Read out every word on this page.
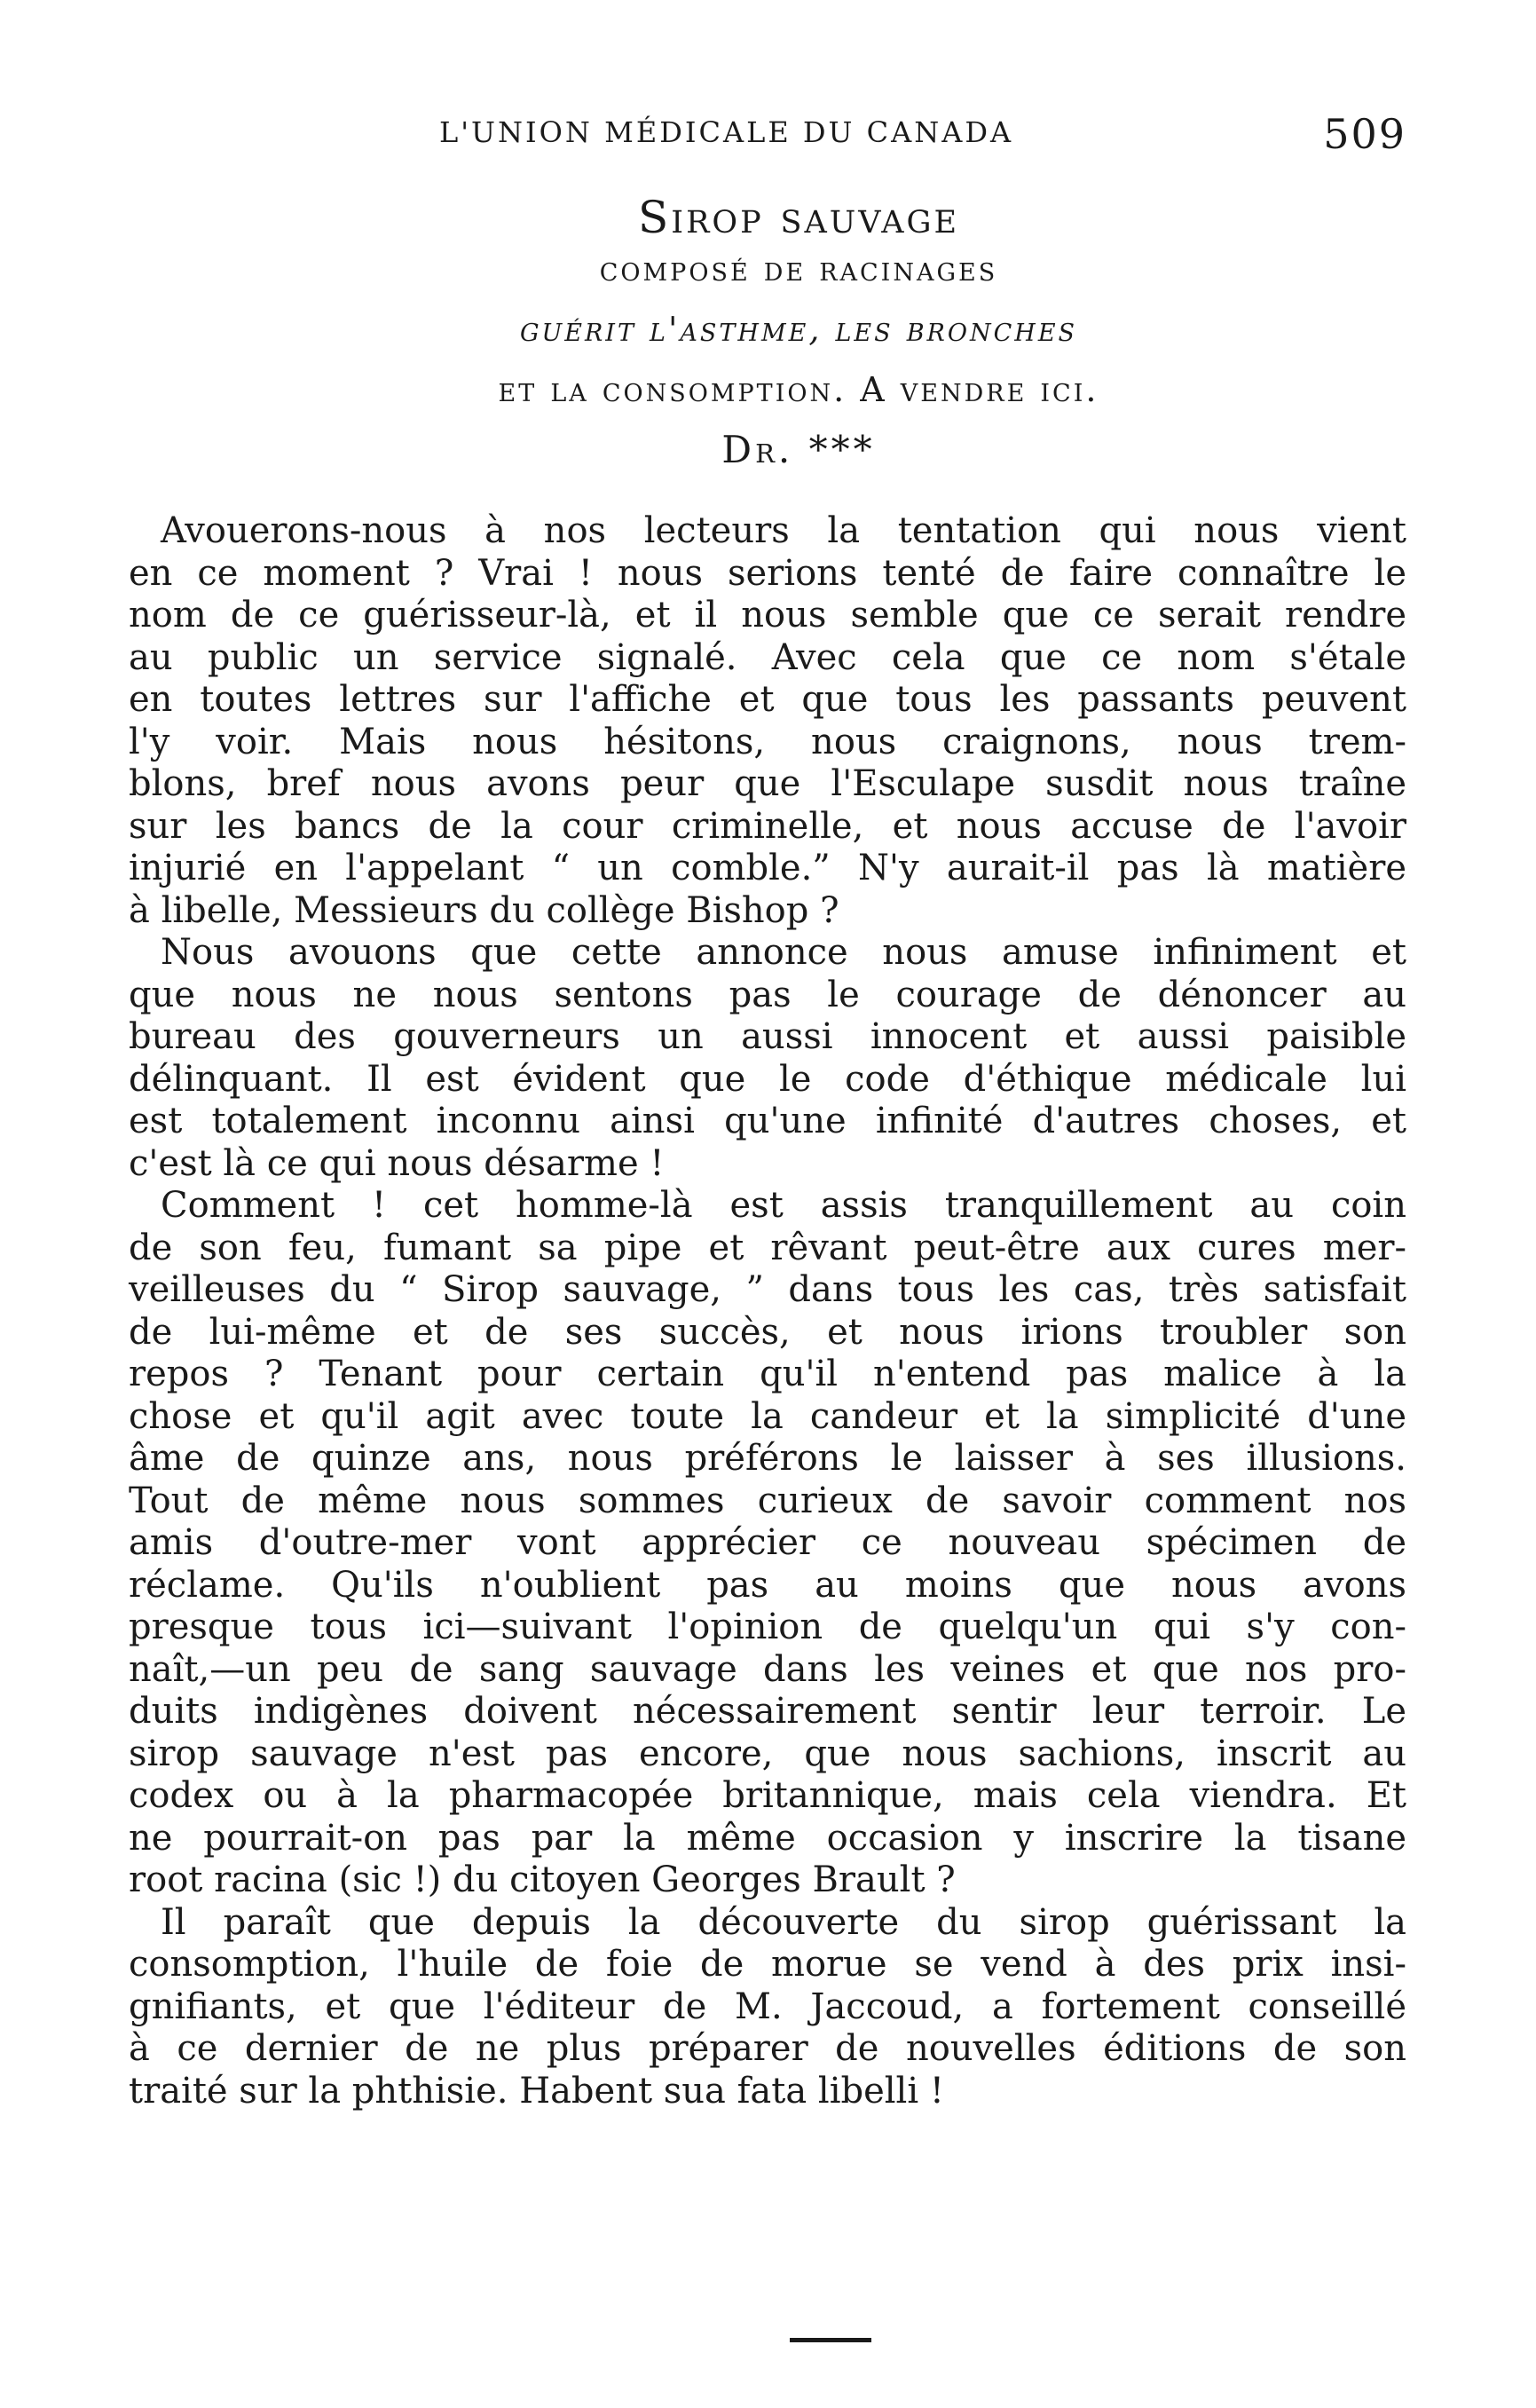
L'UNION MÉDICALE DU CANADA	509
Sirop sauvage
composé de racinages
guérit l'asthme, les bronches
et la consomption. A vendre ici.
Dr. ***
Avouerons-nous à nos lecteurs la tentation qui nous vient
en ce moment ? Vrai ! nous serions tenté de faire connaître le
nom de ce guérisseur-là, et il nous semble que ce serait rendre
au public un service signalé. Avec cela que ce nom s'étale
en toutes lettres sur l'affiche et que tous les passants peuvent
l'y voir. Mais nous hésitons, nous craignons, nous trem-
blons, bref nous avons peur que l'Esculape susdit nous traîne
sur les bancs de la cour criminelle, et nous accuse de l'avoir
injurié en l'appelant “ un comble.” N'y aurait-il pas là matière
à libelle, Messieurs du collège Bishop ?
Nous avouons que cette annonce nous amuse infiniment et
que nous ne nous sentons pas le courage de dénoncer au
bureau des gouverneurs un aussi innocent et aussi paisible
délinquant. Il est évident que le code d'éthique médicale lui
est totalement inconnu ainsi qu'une infinité d'autres choses, et
c'est là ce qui nous désarme !
Comment ! cet homme-là est assis tranquillement au coin
de son feu, fumant sa pipe et rêvant peut-être aux cures mer-
veilleuses du “ Sirop sauvage, ” dans tous les cas, très satisfait
de lui-même et de ses succès, et nous irions troubler son
repos ? Tenant pour certain qu'il n'entend pas malice à la
chose et qu'il agit avec toute la candeur et la simplicité d'une
âme de quinze ans, nous préférons le laisser à ses illusions.
Tout de même nous sommes curieux de savoir comment nos
amis d'outre-mer vont apprécier ce nouveau spécimen de
réclame. Qu'ils n'oublient pas au moins que nous avons
presque tous ici—suivant l'opinion de quelqu'un qui s'y con-
naît,—un peu de sang sauvage dans les veines et que nos pro-
duits indigènes doivent nécessairement sentir leur terroir. Le
sirop sauvage n'est pas encore, que nous sachions, inscrit au
codex ou à la pharmacopée britannique, mais cela viendra. Et
ne pourrait-on pas par la même occasion y inscrire la tisane
root racina (sic !) du citoyen Georges Brault ?
Il paraît que depuis la découverte du sirop guérissant la
consomption, l'huile de foie de morue se vend à des prix insi-
gnifiants, et que l'éditeur de M. Jaccoud, a fortement conseillé
à ce dernier de ne plus préparer de nouvelles éditions de son
traité sur la phthisie. Habent sua fata libelli !
